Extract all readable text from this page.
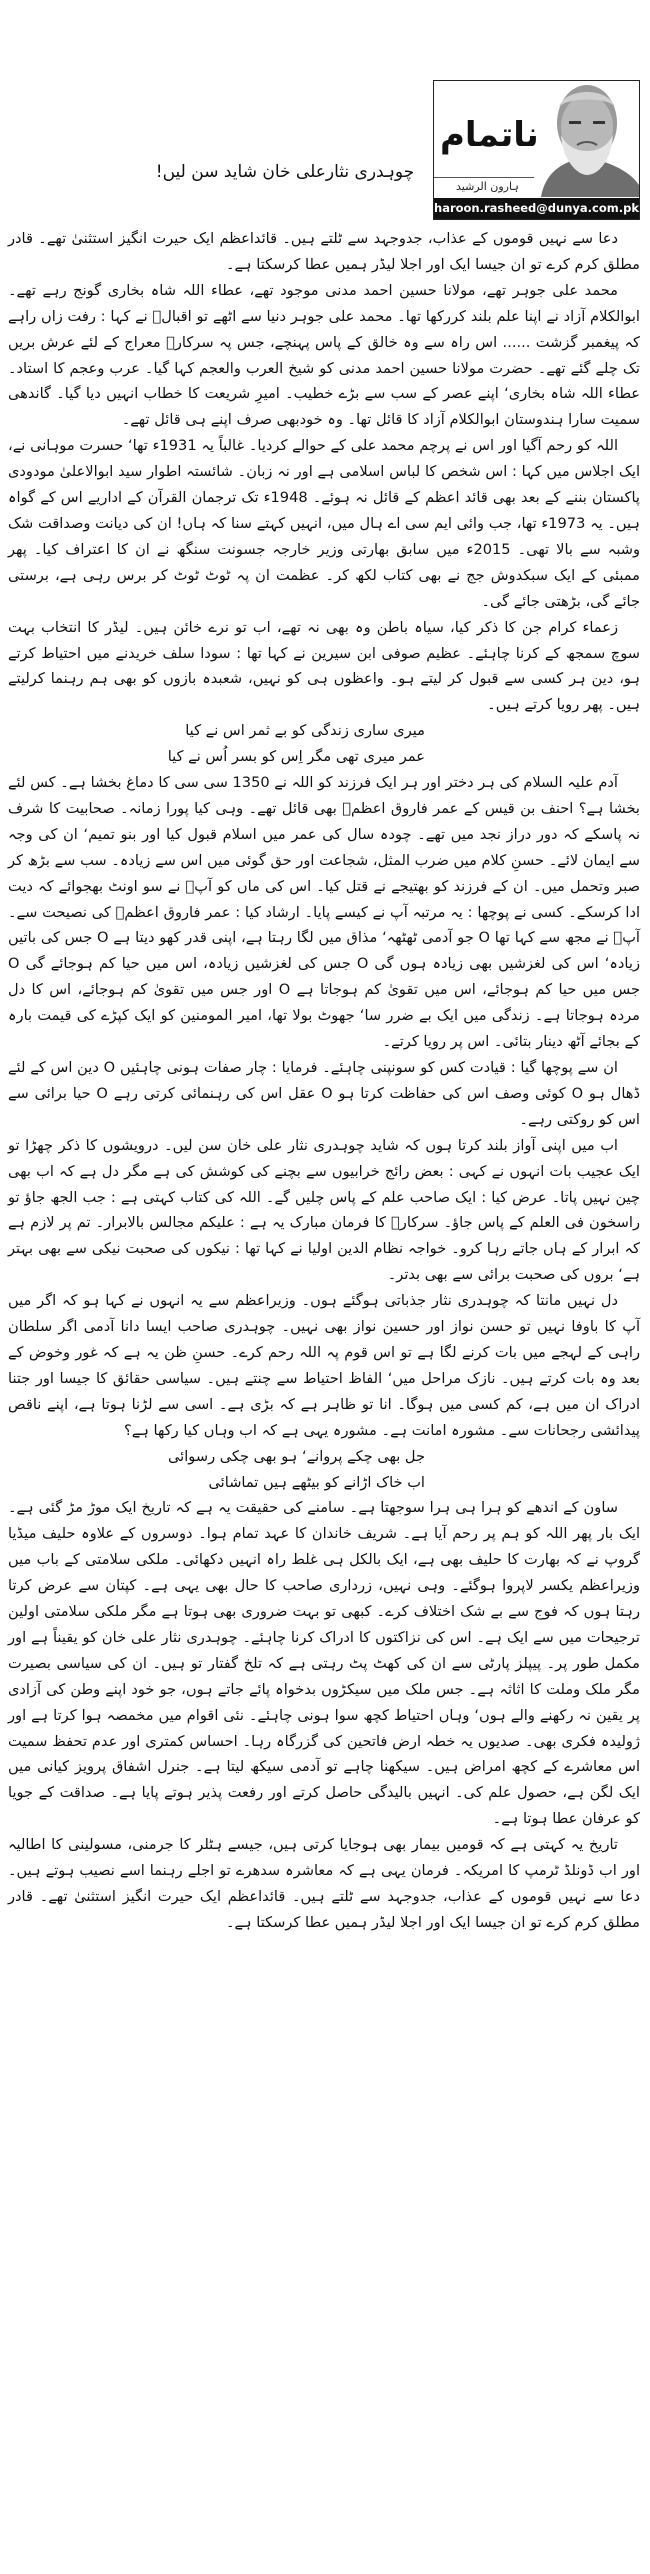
ناتمام
ہارون الرشید
haroon.rasheed@dunya.com.pk
چوہدری نثارعلی خان شاید سن لیں!

دعا سے نہیں قوموں کے عذاب، جدوجہد سے ٹلتے ہیں۔ قائداعظم ایک حیرت انگیز استثنیٰ تھے۔ قادر مطلق کرم کرے تو ان جیسا ایک اور اجلا لیڈر ہمیں عطا کرسکتا ہے۔

محمد علی جوہر تھے، مولانا حسین احمد مدنی موجود تھے، عطاء اللہ شاہ بخاری گونج رہے تھے۔ ابوالکلام آزاد نے اپنا علم بلند کررکھا تھا۔ محمد علی جوہر دنیا سے اٹھے تو اقبالؔ نے کہا : رفت زاں راہے کہ پیغمبر گزشت ...... اس راہ سے وہ خالق کے پاس پہنچے، جس پہ سرکارؐ معراج کے لئے عرش بریں تک چلے گئے تھے۔ حضرت مولانا حسین احمد مدنی کو شیخ العرب والعجم کہا گیا۔ عرب وعجم کا استاد۔ عطاء اللہ شاہ بخاری‘ اپنے عصر کے سب سے بڑے خطیب۔ امیرِ شریعت کا خطاب انہیں دیا گیا۔ گاندھی سمیت سارا ہندوستان ابوالکلام آزاد کا قائل تھا۔ وہ خودبھی صرف اپنے ہی قائل تھے۔

اللہ کو رحم آگیا اور اس نے پرچم محمد علی کے حوالے کردیا۔ غالباً یہ 1931ء تھا‘ حسرت موہانی نے، ایک اجلاس میں کہا : اس شخص کا لباس اسلامی ہے اور نہ زبان۔ شائستہ اطوار سید ابوالاعلیٰ مودودی پاکستان بننے کے بعد بھی قائد اعظم کے قائل نہ ہوئے۔ 1948ء تک ترجمان القرآن کے اداریے اس کے گواہ ہیں۔ یہ 1973ء تھا، جب وائی ایم سی اے ہال میں، انہیں کہتے سنا کہ ہاں! ان کی دیانت وصداقت شک وشبہ سے بالا تھی۔ 2015ء میں سابق بھارتی وزیر خارجہ جسونت سنگھ نے ان کا اعتراف کیا۔ پھر ممبئی کے ایک سبکدوش جج نے بھی کتاب لکھ کر۔ عظمت ان پہ ٹوٹ ٹوٹ کر برس رہی ہے، برستی جائے گی، بڑھتی جائے گی۔

زعماء کرام جن کا ذکر کیا، سیاہ باطن وہ بھی نہ تھے، اب تو نرے خائن ہیں۔ لیڈر کا انتخاب بہت سوچ سمجھ کے کرنا چاہئے۔ عظیم صوفی ابن سیرین نے کہا تھا : سودا سلف خریدنے میں احتیاط کرتے ہو، دین ہر کسی سے قبول کر لیتے ہو۔ واعظوں ہی کو نہیں، شعبدہ بازوں کو بھی ہم رہنما کرلیتے ہیں۔ پھر رویا کرتے ہیں۔

میری ساری زندگی کو بے ثمر اس نے کیا

عمر میری تھی مگر اِس کو بسر اُس نے کیا

آدم علیہ السلام کی ہر دختر اور ہر ایک فرزند کو اللہ نے 1350 سی سی کا دماغ بخشا ہے۔ کس لئے بخشا ہے؟ احنف بن قیس کے عمر فاروق اعظمؓ بھی قائل تھے۔ وہی کیا پورا زمانہ۔ صحابیت کا شرف نہ پاسکے کہ دور دراز نجد میں تھے۔ چودہ سال کی عمر میں اسلام قبول کیا اور بنو تمیم‘ ان کی وجہ سے ایمان لائے۔ حسنِ کلام میں ضرب المثل، شجاعت اور حق گوئی میں اس سے زیادہ۔ سب سے بڑھ کر صبر وتحمل میں۔ ان کے فرزند کو بھتیجے نے قتل کیا۔ اس کی ماں کو آپؒ نے سو اونٹ بھجوائے کہ دیت ادا کرسکے۔ کسی نے پوچھا : یہ مرتبہ آپ نے کیسے پایا۔ ارشاد کیا : عمر فاروق اعظمؓ کی نصیحت سے۔ آپؓ نے مجھ سے کہا تھا O جو آدمی ٹھٹھہ‘ مذاق میں لگا رہتا ہے، اپنی قدر کھو دیتا ہے O جس کی باتیں زیادہ‘ اس کی لغزشیں بھی زیادہ ہوں گی O جس کی لغزشیں زیادہ، اس میں حیا کم ہوجائے گی O جس میں حیا کم ہوجائے، اس میں تقویٰ کم ہوجاتا ہے O اور جس میں تقویٰ کم ہوجائے، اس کا دل مردہ ہوجاتا ہے۔ زندگی میں ایک بے ضرر سا‘ جھوٹ بولا تھا، امیر المومنین کو ایک کپڑے کی قیمت بارہ کے بجائے آٹھ دینار بتائی۔ اس پر رویا کرتے۔

ان سے پوچھا گیا : قیادت کس کو سونپنی چاہئے۔ فرمایا : چار صفات ہونی چاہئیں O دین اس کے لئے ڈھال ہو O کوئی وصف اس کی حفاظت کرتا ہو O عقل اس کی رہنمائی کرتی رہے O حیا برائی سے اس کو روکتی رہے۔

اب میں اپنی آواز بلند کرتا ہوں کہ شاید چوہدری نثار علی خان سن لیں۔ درویشوں کا ذکر چھڑا تو ایک عجیب بات انہوں نے کہی : بعض رائج خرابیوں سے بچنے کی کوشش کی ہے مگر دل ہے کہ اب بھی چین نہیں پاتا۔ عرض کیا : ایک صاحب علم کے پاس چلیں گے۔ اللہ کی کتاب کہتی ہے : جب الجھ جاؤ تو راسخون فی العلم کے پاس جاؤ۔ سرکارؐ کا فرمان مبارک یہ ہے : علیکم مجالس بالابرار۔ تم پر لازم ہے کہ ابرار کے ہاں جاتے رہا کرو۔ خواجہ نظام الدین اولیا نے کہا تھا : نیکوں کی صحبت نیکی سے بھی بہتر ہے‘ بروں کی صحبت برائی سے بھی بدتر۔

دل نہیں مانتا کہ چوہدری نثار جذباتی ہوگئے ہوں۔ وزیراعظم سے یہ انہوں نے کہا ہو کہ اگر میں آپ کا باوفا نہیں تو حسن نواز اور حسین نواز بھی نہیں۔ چوہدری صاحب ایسا دانا آدمی اگر سلطان راہی کے لہجے میں بات کرنے لگا ہے تو اس قوم پہ اللہ رحم کرے۔ حسنِ ظن یہ ہے کہ غور وخوض کے بعد وہ بات کرتے ہیں۔ نازک مراحل میں‘ الفاظ احتیاط سے چنتے ہیں۔ سیاسی حقائق کا جیسا اور جتنا ادراک ان میں ہے، کم کسی میں ہوگا۔ انا تو ظاہر ہے کہ بڑی ہے۔ اسی سے لڑنا ہوتا ہے، اپنے ناقص پیدائشی رجحانات سے۔ مشورہ امانت ہے۔ مشورہ یہی ہے کہ اب وہاں کیا رکھا ہے؟

جل بھی چکے پروانے‘ ہو بھی چکی رسوائی

اب خاک اڑانے کو بیٹھے ہیں تماشائی

ساون کے اندھے کو ہرا ہی ہرا سوجھتا ہے۔ سامنے کی حقیقت یہ ہے کہ تاریخ ایک موڑ مڑ گئی ہے۔ ایک بار پھر اللہ کو ہم پر رحم آیا ہے۔ شریف خاندان کا عہد تمام ہوا۔ دوسروں کے علاوہ حلیف میڈیا گروپ نے کہ بھارت کا حلیف بھی ہے، ایک بالکل ہی غلط راہ انہیں دکھائی۔ ملکی سلامتی کے باب میں وزیراعظم یکسر لاپروا ہوگئے۔ وہی نہیں، زرداری صاحب کا حال بھی یہی ہے۔ کپتان سے عرض کرتا رہتا ہوں کہ فوج سے بے شک اختلاف کرے۔ کبھی تو بہت ضروری بھی ہوتا ہے مگر ملکی سلامتی اولین ترجیحات میں سے ایک ہے۔ اس کی نزاکتوں کا ادراک کرنا چاہئے۔ چوہدری نثار علی خان کو یقیناً ہے اور مکمل طور پر۔ پیپلز پارٹی سے ان کی کھٹ پٹ رہتی ہے کہ تلخ گفتار تو ہیں۔ ان کی سیاسی بصیرت مگر ملک وملت کا اثاثہ ہے۔ جس ملک میں سیکڑوں بدخواہ پائے جاتے ہوں، جو خود اپنے وطن کی آزادی پر یقین نہ رکھنے والے ہوں‘ وہاں احتیاط کچھ سوا ہونی چاہئے۔ نئی اقوام میں مخمصہ ہوا کرتا ہے اور ژولیدہ فکری بھی۔ صدیوں یہ خطہ ارض فاتحین کی گزرگاہ رہا۔ احساس کمتری اور عدم تحفظ سمیت اس معاشرے کے کچھ امراض ہیں۔ سیکھنا چاہے تو آدمی سیکھ لیتا ہے۔ جنرل اشفاق پرویز کیانی میں ایک لگن ہے، حصول علم کی۔ انہیں بالیدگی حاصل کرتے اور رفعت پذیر ہوتے پایا ہے۔ صداقت کے جویا کو عرفان عطا ہوتا ہے۔

تاریخ یہ کہتی ہے کہ قومیں بیمار بھی ہوجایا کرتی ہیں، جیسے ہٹلر کا جرمنی، مسولینی کا اطالیہ اور اب ڈونلڈ ٹرمپ کا امریکہ۔ فرمان یہی ہے کہ معاشرہ سدھرے تو اجلے رہنما اسے نصیب ہوتے ہیں۔ دعا سے نہیں قوموں کے عذاب، جدوجہد سے ٹلتے ہیں۔ قائداعظم ایک حیرت انگیز استثنیٰ تھے۔ قادر مطلق کرم کرے تو ان جیسا ایک اور اجلا لیڈر ہمیں عطا کرسکتا ہے۔
